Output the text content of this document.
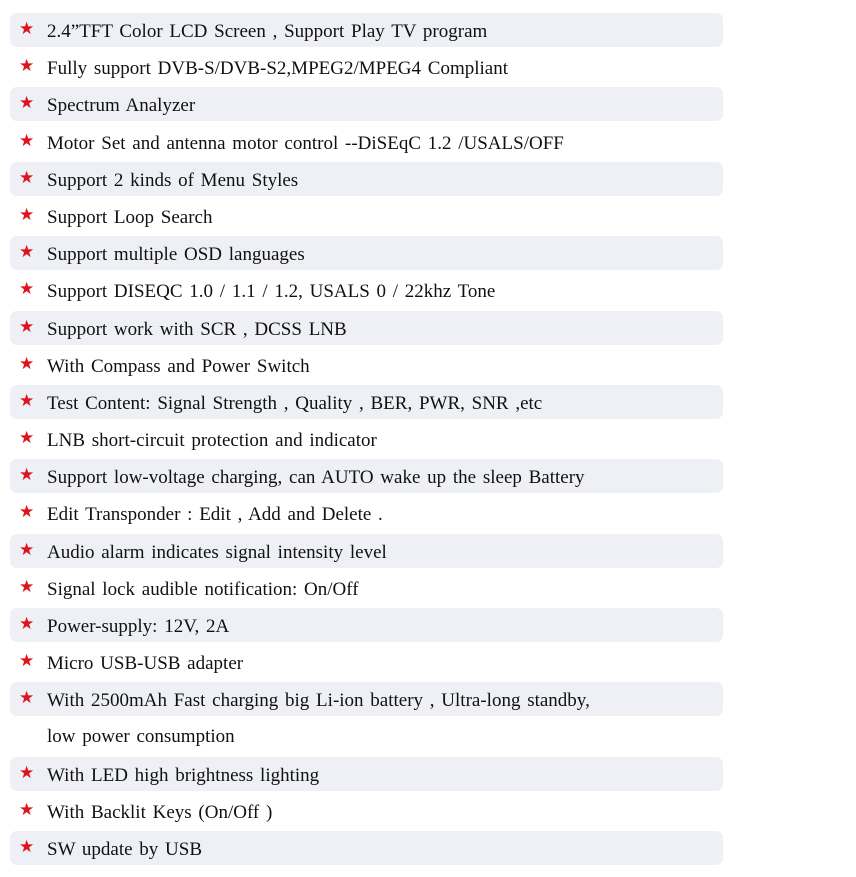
★ 2.4”TFT Color LCD Screen , Support Play TV program
★ Fully support DVB-S/DVB-S2,MPEG2/MPEG4 Compliant
★ Spectrum Analyzer
★ Motor Set and antenna motor control --DiSEqC 1.2 /USALS/OFF
★ Support 2 kinds of Menu Styles
★ Support Loop Search
★ Support multiple OSD languages
★ Support DISEQC 1.0 / 1.1 / 1.2, USALS 0 / 22khz Tone
★ Support work with SCR , DCSS LNB
★ With Compass and Power Switch
★ Test Content: Signal Strength , Quality , BER, PWR, SNR ,etc
★ LNB short-circuit protection and indicator
★ Support low-voltage charging, can AUTO wake up the sleep Battery
★ Edit Transponder : Edit , Add and Delete .
★ Audio alarm indicates signal intensity level
★ Signal lock audible notification: On/Off
★ Power-supply: 12V, 2A
★ Micro USB-USB adapter
★ With 2500mAh Fast charging big Li-ion battery , Ultra-long standby,
low power consumption
★ With LED high brightness lighting
★ With Backlit Keys (On/Off )
★ SW update by USB
